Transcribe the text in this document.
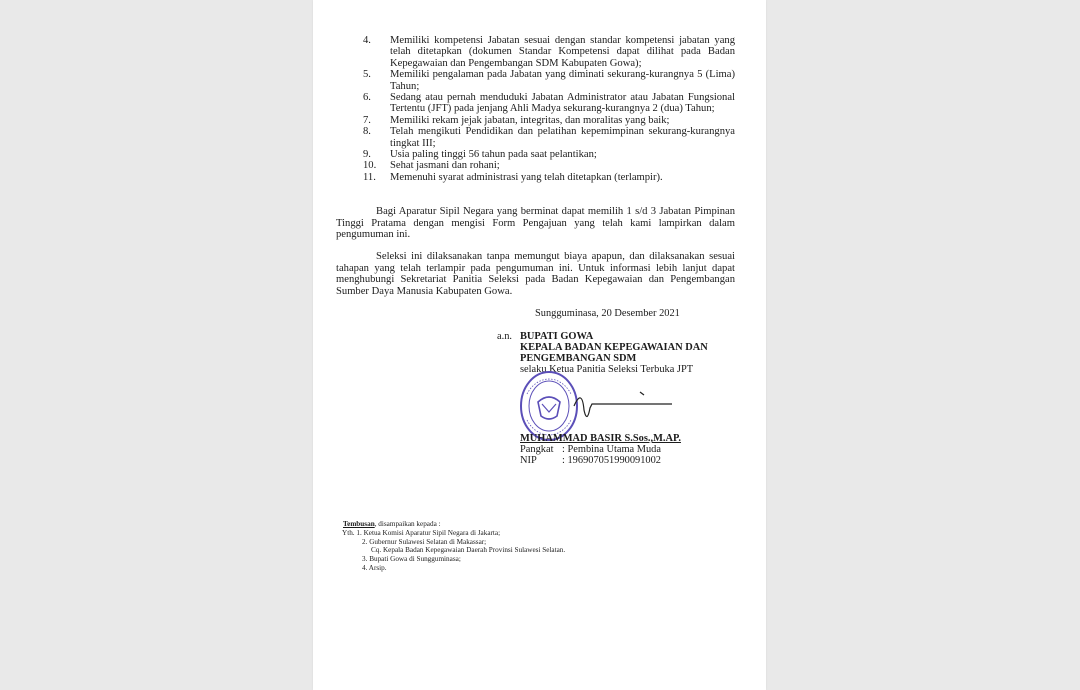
4.	Memiliki kompetensi Jabatan sesuai dengan standar kompetensi jabatan yang telah ditetapkan (dokumen Standar Kompetensi dapat dilihat pada Badan Kepegawaian dan Pengembangan SDM Kabupaten Gowa);
5.	Memiliki pengalaman pada Jabatan yang diminati sekurang-kurangnya 5 (Lima) Tahun;
6.	Sedang atau pernah menduduki Jabatan Administrator atau Jabatan Fungsional Tertentu (JFT) pada jenjang Ahli Madya sekurang-kurangnya 2 (dua) Tahun;
7.	Memiliki rekam jejak jabatan, integritas, dan moralitas yang baik;
8.	Telah mengikuti Pendidikan dan pelatihan kepemimpinan sekurang-kurangnya tingkat III;
9.	Usia paling tinggi 56 tahun pada saat pelantikan;
10.	Sehat jasmani dan rohani;
11.	Memenuhi syarat administrasi yang telah ditetapkan (terlampir).
Bagi Aparatur Sipil Negara yang berminat dapat memilih 1 s/d 3 Jabatan Pimpinan Tinggi Pratama dengan mengisi Form Pengajuan yang telah kami lampirkan dalam pengumuman ini.
Seleksi ini dilaksanakan tanpa memungut biaya apapun, dan dilaksanakan sesuai tahapan yang telah terlampir pada pengumuman ini. Untuk informasi lebih lanjut dapat menghubungi Sekretariat Panitia Seleksi pada Badan Kepegawaian dan Pengembangan Sumber Daya Manusia Kabupaten Gowa.
Sungguminasa, 20 Desember 2021
a.n. BUPATI GOWA
KEPALA BADAN KEPEGAWAIAN DAN
PENGEMBANGAN SDM
selaku Ketua Panitia Seleksi Terbuka JPT
MUHAMMAD BASIR S.Sos.,M.AP.
Pangkat : Pembina Utama Muda
NIP : 196907051990091002
Tembusan, disampaikan kepada :
Yth. 1. Ketua Komisi Aparatur Sipil Negara di Jakarta;
2. Gubernur Sulawesi Selatan di Makassar;
Cq. Kepala Badan Kepegawaian Daerah Provinsi Sulawesi Selatan.
3. Bupati Gowa di Sungguminasa;
4. Arsip.
